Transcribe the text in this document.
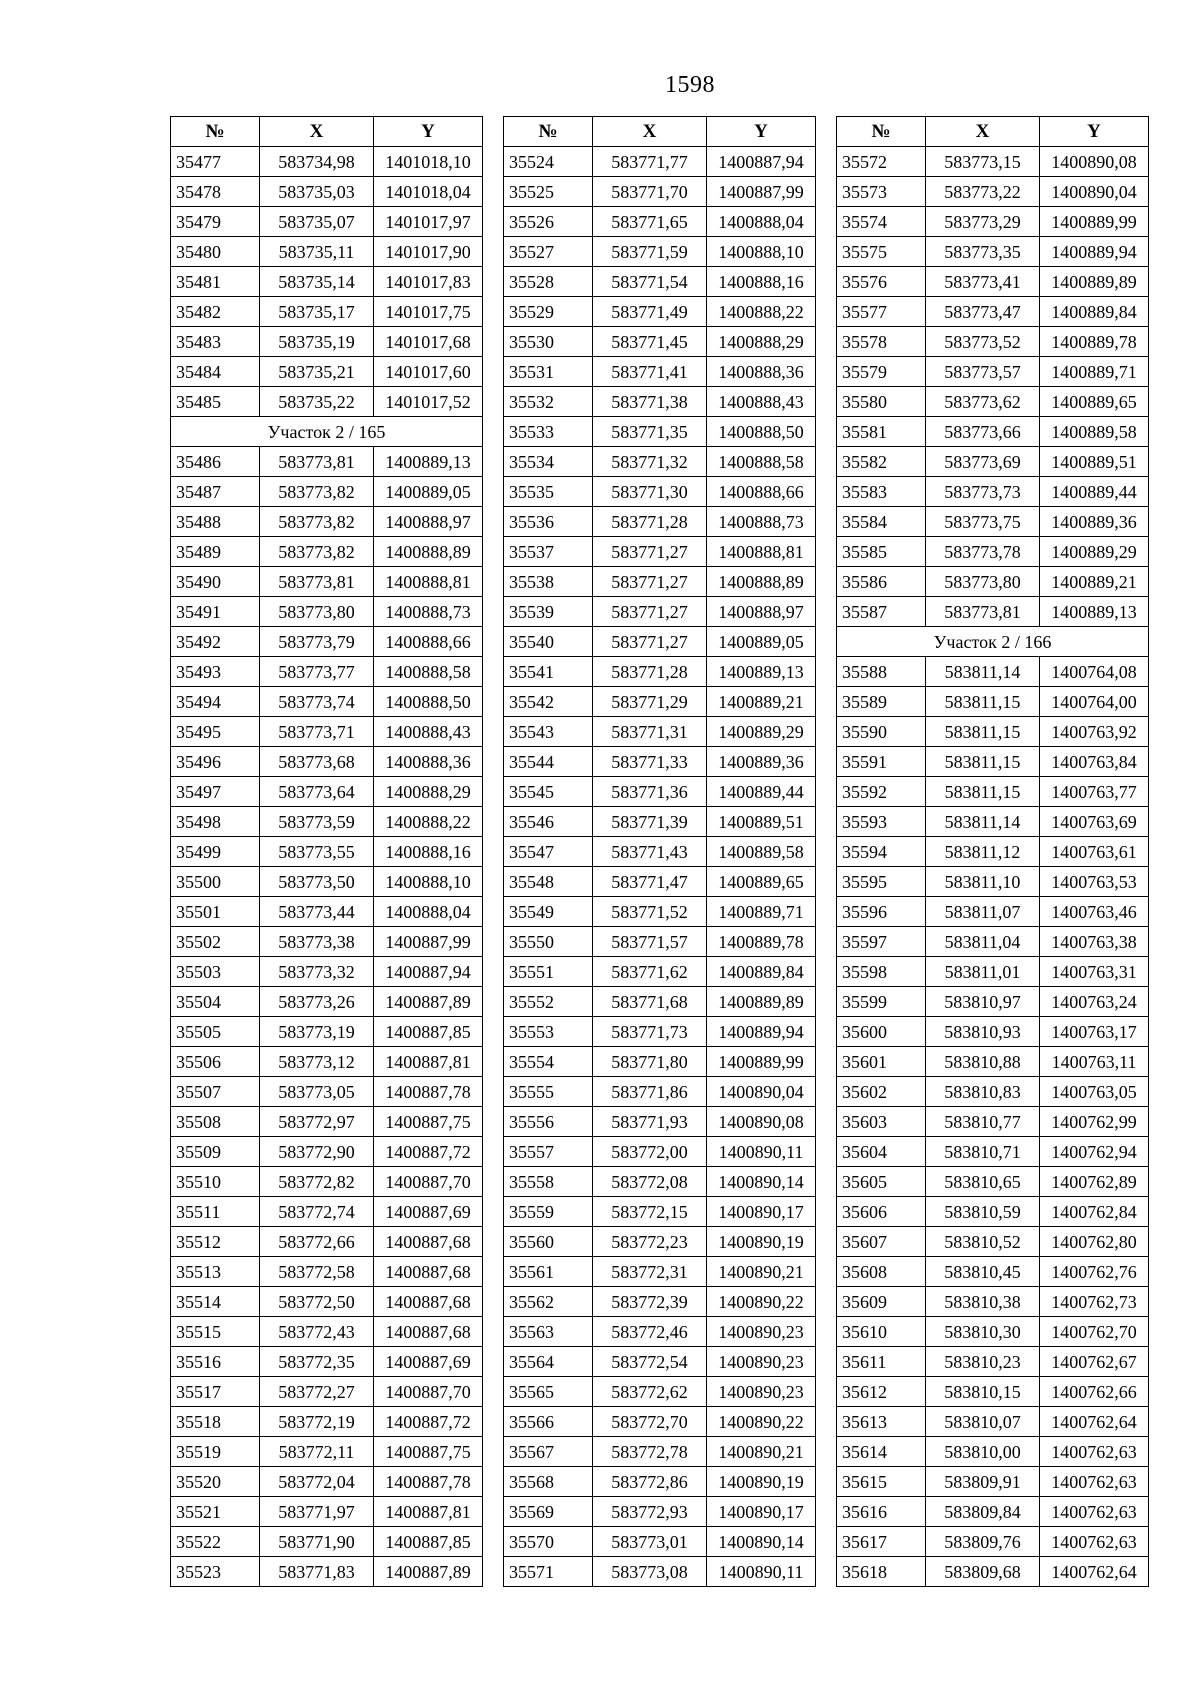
1598
№	X	Y
35477	583734,98	1401018,10
35478	583735,03	1401018,04
35479	583735,07	1401017,97
35480	583735,11	1401017,90
35481	583735,14	1401017,83
35482	583735,17	1401017,75
35483	583735,19	1401017,68
35484	583735,21	1401017,60
35485	583735,22	1401017,52
Участок 2 / 165		
35486	583773,81	1400889,13
35487	583773,82	1400889,05
35488	583773,82	1400888,97
35489	583773,82	1400888,89
35490	583773,81	1400888,81
35491	583773,80	1400888,73
35492	583773,79	1400888,66
35493	583773,77	1400888,58
35494	583773,74	1400888,50
35495	583773,71	1400888,43
35496	583773,68	1400888,36
35497	583773,64	1400888,29
35498	583773,59	1400888,22
35499	583773,55	1400888,16
35500	583773,50	1400888,10
35501	583773,44	1400888,04
35502	583773,38	1400887,99
35503	583773,32	1400887,94
35504	583773,26	1400887,89
35505	583773,19	1400887,85
35506	583773,12	1400887,81
35507	583773,05	1400887,78
35508	583772,97	1400887,75
35509	583772,90	1400887,72
35510	583772,82	1400887,70
35511	583772,74	1400887,69
35512	583772,66	1400887,68
35513	583772,58	1400887,68
35514	583772,50	1400887,68
35515	583772,43	1400887,68
35516	583772,35	1400887,69
35517	583772,27	1400887,70
35518	583772,19	1400887,72
35519	583772,11	1400887,75
35520	583772,04	1400887,78
35521	583771,97	1400887,81
35522	583771,90	1400887,85
35523	583771,83	1400887,89
№	X	Y
35524	583771,77	1400887,94
35525	583771,70	1400887,99
35526	583771,65	1400888,04
35527	583771,59	1400888,10
35528	583771,54	1400888,16
35529	583771,49	1400888,22
35530	583771,45	1400888,29
35531	583771,41	1400888,36
35532	583771,38	1400888,43
35533	583771,35	1400888,50
35534	583771,32	1400888,58
35535	583771,30	1400888,66
35536	583771,28	1400888,73
35537	583771,27	1400888,81
35538	583771,27	1400888,89
35539	583771,27	1400888,97
35540	583771,27	1400889,05
35541	583771,28	1400889,13
35542	583771,29	1400889,21
35543	583771,31	1400889,29
35544	583771,33	1400889,36
35545	583771,36	1400889,44
35546	583771,39	1400889,51
35547	583771,43	1400889,58
35548	583771,47	1400889,65
35549	583771,52	1400889,71
35550	583771,57	1400889,78
35551	583771,62	1400889,84
35552	583771,68	1400889,89
35553	583771,73	1400889,94
35554	583771,80	1400889,99
35555	583771,86	1400890,04
35556	583771,93	1400890,08
35557	583772,00	1400890,11
35558	583772,08	1400890,14
35559	583772,15	1400890,17
35560	583772,23	1400890,19
35561	583772,31	1400890,21
35562	583772,39	1400890,22
35563	583772,46	1400890,23
35564	583772,54	1400890,23
35565	583772,62	1400890,23
35566	583772,70	1400890,22
35567	583772,78	1400890,21
35568	583772,86	1400890,19
35569	583772,93	1400890,17
35570	583773,01	1400890,14
35571	583773,08	1400890,11
№	X	Y
35572	583773,15	1400890,08
35573	583773,22	1400890,04
35574	583773,29	1400889,99
35575	583773,35	1400889,94
35576	583773,41	1400889,89
35577	583773,47	1400889,84
35578	583773,52	1400889,78
35579	583773,57	1400889,71
35580	583773,62	1400889,65
35581	583773,66	1400889,58
35582	583773,69	1400889,51
35583	583773,73	1400889,44
35584	583773,75	1400889,36
35585	583773,78	1400889,29
35586	583773,80	1400889,21
35587	583773,81	1400889,13
Участок 2 / 166		
35588	583811,14	1400764,08
35589	583811,15	1400764,00
35590	583811,15	1400763,92
35591	583811,15	1400763,84
35592	583811,15	1400763,77
35593	583811,14	1400763,69
35594	583811,12	1400763,61
35595	583811,10	1400763,53
35596	583811,07	1400763,46
35597	583811,04	1400763,38
35598	583811,01	1400763,31
35599	583810,97	1400763,24
35600	583810,93	1400763,17
35601	583810,88	1400763,11
35602	583810,83	1400763,05
35603	583810,77	1400762,99
35604	583810,71	1400762,94
35605	583810,65	1400762,89
35606	583810,59	1400762,84
35607	583810,52	1400762,80
35608	583810,45	1400762,76
35609	583810,38	1400762,73
35610	583810,30	1400762,70
35611	583810,23	1400762,67
35612	583810,15	1400762,66
35613	583810,07	1400762,64
35614	583810,00	1400762,63
35615	583809,91	1400762,63
35616	583809,84	1400762,63
35617	583809,76	1400762,63
35618	583809,68	1400762,64
